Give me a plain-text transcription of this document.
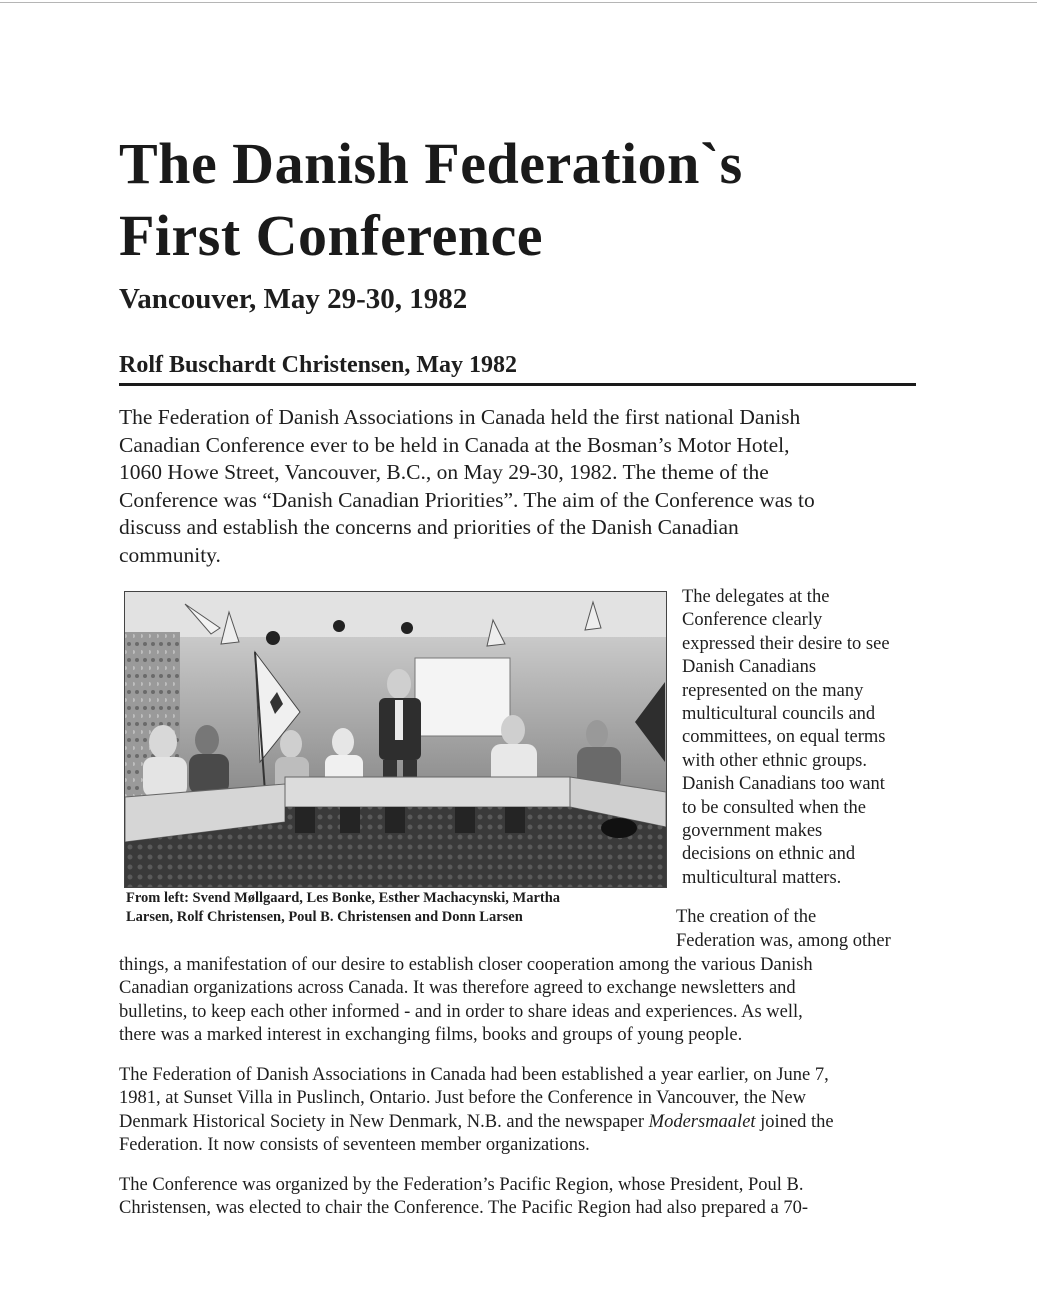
The Danish Federation`s
First Conference
Vancouver, May 29-30, 1982
Rolf Buschardt Christensen, May 1982

The Federation of Danish Associations in Canada held the first national Danish
Canadian Conference ever to be held in Canada at the Bosman’s Motor Hotel,
1060 Howe Street, Vancouver, B.C., on May 29-30, 1982. The theme of the
Conference was “Danish Canadian Priorities”. The aim of the Conference was to
discuss and establish the concerns and priorities of the Danish Canadian
community.

From left: Svend Møllgaard, Les Bonke, Esther Machacynski, Martha
Larsen, Rolf Christensen, Poul B. Christensen and Donn Larsen

The delegates at the
Conference clearly
expressed their desire to see
Danish Canadians
represented on the many
multicultural councils and
committees, on equal terms
with other ethnic groups.
Danish Canadians too want
to be consulted when the
government makes
decisions on ethnic and
multicultural matters.

The creation of the
Federation was, among other

things, a manifestation of our desire to establish closer cooperation among the various Danish
Canadian organizations across Canada. It was therefore agreed to exchange newsletters and
bulletins, to keep each other informed - and in order to share ideas and experiences. As well,
there was a marked interest in exchanging films, books and groups of young people.

The Federation of Danish Associations in Canada had been established a year earlier, on June 7,
1981, at Sunset Villa in Puslinch, Ontario. Just before the Conference in Vancouver, the New
Denmark Historical Society in New Denmark, N.B. and the newspaper Modersmaalet joined the
Federation. It now consists of seventeen member organizations.

The Conference was organized by the Federation’s Pacific Region, whose President, Poul B.
Christensen, was elected to chair the Conference. The Pacific Region had also prepared a 70-
